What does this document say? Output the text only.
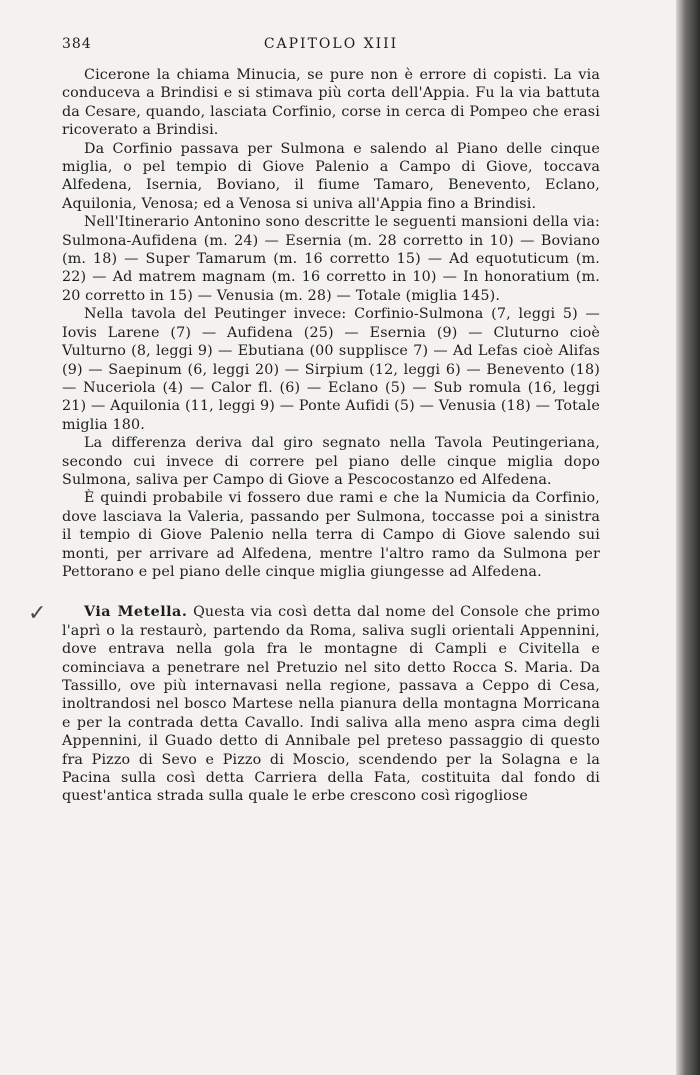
384	CAPITOLO XIII

Cicerone la chiama Minucia, se pure non è errore di copisti. La via conduceva a Brindisi e si stimava più corta dell'Appia. Fu la via battuta da Cesare, quando, lasciata Corfinio, corse in cerca di Pompeo che erasi ricoverato a Brindisi.

Da Corfinio passava per Sulmona e salendo al Piano delle cinque miglia, o pel tempio di Giove Palenio a Campo di Giove, toccava Alfedena, Isernia, Boviano, il fiume Tamaro, Benevento, Eclano, Aquilonia, Venosa; ed a Venosa si univa all'Appia fino a Brindisi.

Nell'Itinerario Antonino sono descritte le seguenti mansioni della via: Sulmona-Aufidena (m. 24) — Esernia (m. 28 corretto in 10) — Boviano (m. 18) — Super Tamarum (m. 16 corretto 15) — Ad equotuticum (m. 22) — Ad matrem magnam (m. 16 corretto in 10) — In honoratium (m. 20 corretto in 15) — Venusia (m. 28) — Totale (miglia 145).

Nella tavola del Peutinger invece: Corfinio-Sulmona (7, leggi 5) — Iovis Larene (7) — Aufidena (25) — Esernia (9) — Cluturno cioè Vulturno (8, leggi 9) — Ebutiana (00 supplisce 7) — Ad Lefas cioè Alifas (9) — Saepinum (6, leggi 20) — Sirpium (12, leggi 6) — Benevento (18) — Nuceriola (4) — Calor fl. (6) — Eclano (5) — Sub romula (16, leggi 21) — Aquilonia (11, leggi 9) — Ponte Aufidi (5) — Venusia (18) — Totale miglia 180.

La differenza deriva dal giro segnato nella Tavola Peutingeriana, secondo cui invece di correre pel piano delle cinque miglia dopo Sulmona, saliva per Campo di Giove a Pescocostanzo ed Alfedena.

È quindi probabile vi fossero due rami e che la Numicia da Corfinio, dove lasciava la Valeria, passando per Sulmona, toccasse poi a sinistra il tempio di Giove Palenio nella terra di Campo di Giove salendo sui monti, per arrivare ad Alfedena, mentre l'altro ramo da Sulmona per Pettorano e pel piano delle cinque miglia giungesse ad Alfedena.

✓	Via Metella. Questa via così detta dal nome del Console che primo l'aprì o la restaurò, partendo da Roma, saliva sugli orientali Appennini, dove entrava nella gola fra le montagne di Campli e Civitella e cominciava a penetrare nel Pretuzio nel sito detto Rocca S. Maria. Da Tassillo, ove più internavasi nella regione, passava a Ceppo di Cesa, inoltrandosi nel bosco Martese nella pianura della montagna Morricana e per la contrada detta Cavallo. Indi saliva alla meno aspra cima degli Appennini, il Guado detto di Annibale pel preteso passaggio di questo fra Pizzo di Sevo e Pizzo di Moscio, scendendo per la Solagna e la Pacina sulla così detta Carriera della Fata, costituita dal fondo di quest'antica strada sulla quale le erbe crescono così rigogliose
